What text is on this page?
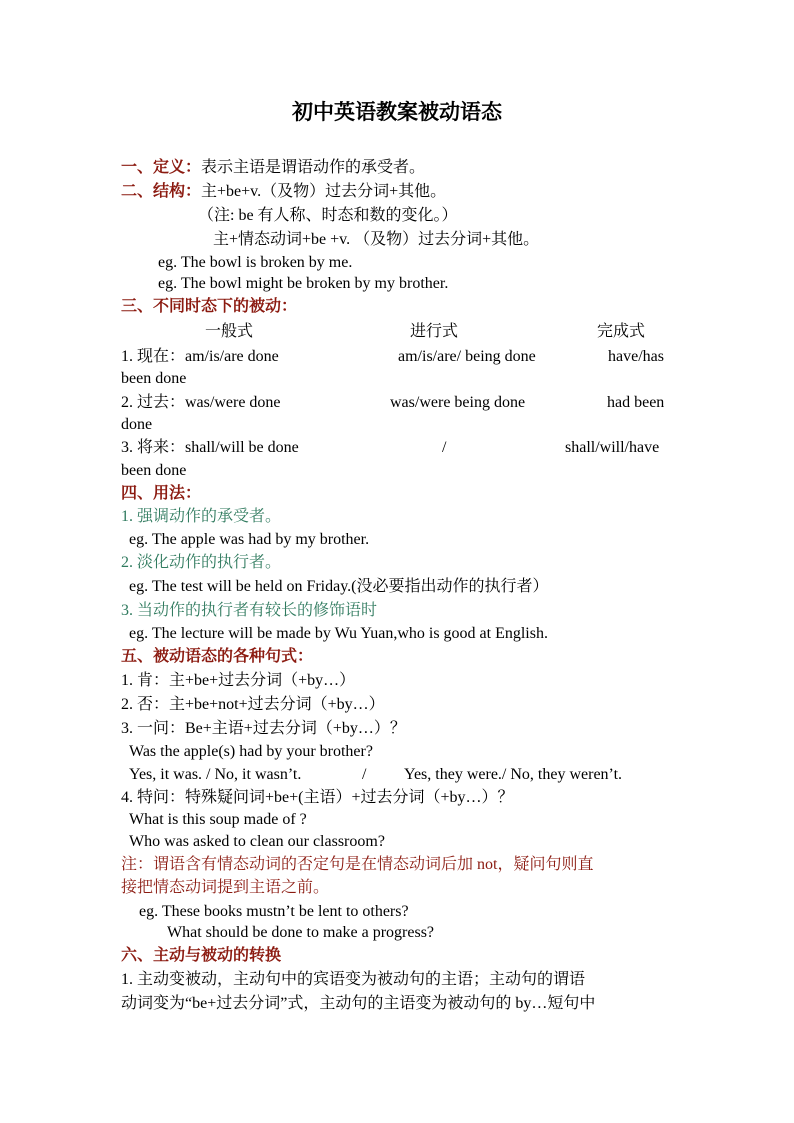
初中英语教案被动语态
一、定义：表示主语是谓语动作的承受者。
二、结构：主+be+v.（及物）过去分词+其他。
（注: be 有人称、时态和数的变化。）
主+情态动词+be +v. （及物）过去分词+其他。
eg. The bowl is broken by me.
eg. The bowl might be broken by my brother.
三、不同时态下的被动：
一般式	进行式	完成式
1. 现在：am/is/are done	am/is/are/ being done	have/has
been done
2. 过去：was/were done	was/were being done	had been
done
3. 将来：shall/will be done	/	shall/will/have
been done
四、用法：
1. 强调动作的承受者。
eg. The apple was had by my brother.
2. 淡化动作的执行者。
eg. The test will be held on Friday.(没必要指出动作的执行者）
3. 当动作的执行者有较长的修饰语时
eg. The lecture will be made by Wu Yuan,who is good at English.
五、被动语态的各种句式：
1. 肯：主+be+过去分词（+by…）
2. 否：主+be+not+过去分词（+by…）
3. 一问：Be+主语+过去分词（+by…）？
Was the apple(s) had by your brother?
Yes, it was. / No, it wasn’t.	/ Yes, they were./ No, they weren’t.
4. 特问：特殊疑问词+be+(主语）+过去分词（+by…）？
What is this soup made of ?
Who was asked to clean our classroom?
注：谓语含有情态动词的否定句是在情态动词后加 not，疑问句则直
接把情态动词提到主语之前。
eg. These books mustn’t be lent to others?
What should be done to make a progress?
六、主动与被动的转换
1. 主动变被动，主动句中的宾语变为被动句的主语；主动句的谓语
动词变为“be+过去分词”式，主动句的主语变为被动句的 by…短句中
